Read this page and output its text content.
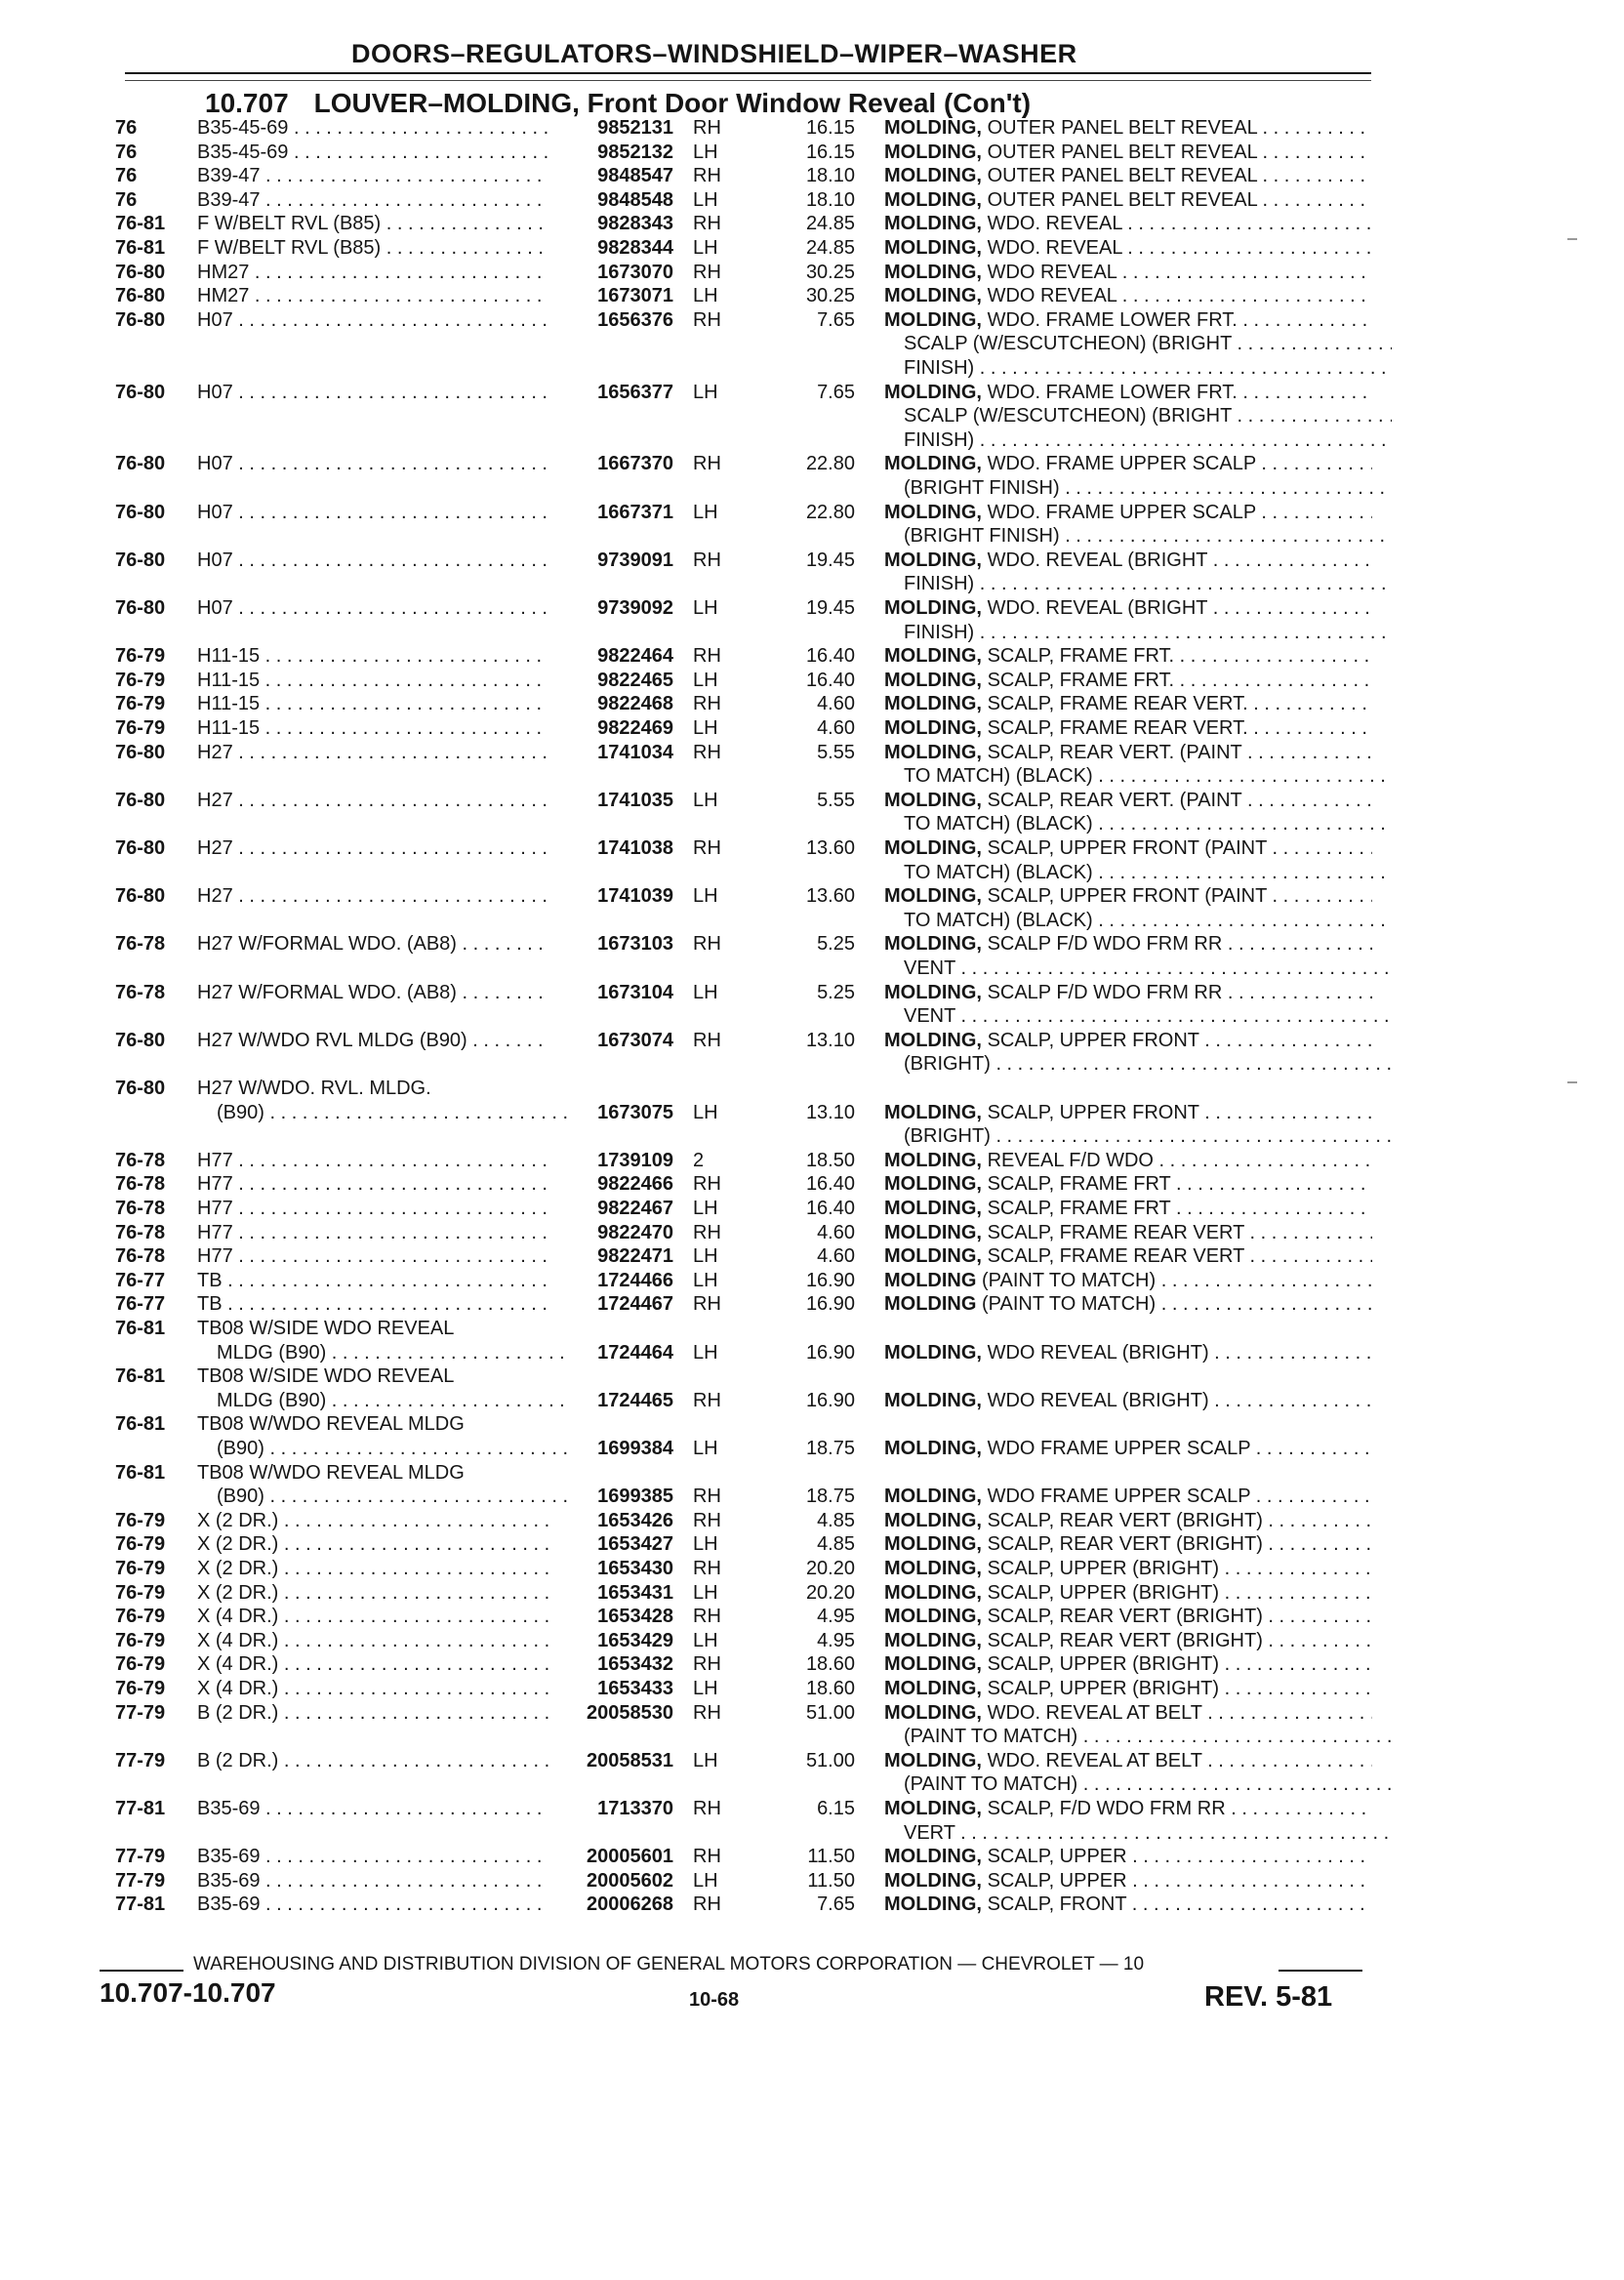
DOORS–REGULATORS–WINDSHIELD–WIPER–WASHER
10.707 LOUVER–MOLDING, Front Door Window Reveal (Con't)
76	B35-45-69 . . .	9852131 RH	16.15 MOLDING, OUTER PANEL BELT REVEAL . . . .
76	B35-45-69 . . .	9852132 LH	16.15 MOLDING, OUTER PANEL BELT REVEAL . . . .
76	B39-47 . . .	9848547 RH	18.10 MOLDING, OUTER PANEL BELT REVEAL . . . .
76	B39-47 . . .	9848548 LH	18.10 MOLDING, OUTER PANEL BELT REVEAL . . . .
76-81	F W/BELT RVL (B85) . . .	9828343 RH	24.85 MOLDING, WDO. REVEAL . . .
76-81	F W/BELT RVL (B85) . . .	9828344 LH	24.85 MOLDING, WDO. REVEAL . . .
76-80	HM27 . . .	1673070 RH	30.25 MOLDING, WDO REVEAL . . .
76-80	HM27 . . .	1673071 LH	30.25 MOLDING, WDO REVEAL . . .
76-80	H07 . . .	1656376 RH	7.65 MOLDING, WDO. FRAME LOWER FRT. . . .
SCALP (W/ESCUTCHEON) (BRIGHT . . .
FINISH) . . .
76-80	H07 . . .	1656377 LH	7.65 MOLDING, WDO. FRAME LOWER FRT. . . .
SCALP (W/ESCUTCHEON) (BRIGHT . . .
FINISH) . . .
76-80	H07 . . .	1667370 RH	22.80 MOLDING, WDO. FRAME UPPER SCALP . . .
(BRIGHT FINISH) . . .
76-80	H07 . . .	1667371 LH	22.80 MOLDING, WDO. FRAME UPPER SCALP . . .
(BRIGHT FINISH) . . .
76-80	H07 . . .	9739091 RH	19.45 MOLDING, WDO. REVEAL (BRIGHT . . .
FINISH) . . .
76-80	H07 . . .	9739092 LH	19.45 MOLDING, WDO. REVEAL (BRIGHT . . .
FINISH) . . .
76-79	H11-15 . . .	9822464 RH	16.40 MOLDING, SCALP, FRAME FRT. . . .
76-79	H11-15 . . .	9822465 LH	16.40 MOLDING, SCALP, FRAME FRT. . . .
76-79	H11-15 . . .	9822468 RH	4.60 MOLDING, SCALP, FRAME REAR VERT. . . .
76-79	H11-15 . . .	9822469 LH	4.60 MOLDING, SCALP, FRAME REAR VERT. . . .
76-80	H27 . . .	1741034 RH	5.55 MOLDING, SCALP, REAR VERT. (PAINT . . .
TO MATCH) (BLACK) . . .
76-80	H27 . . .	1741035 LH	5.55 MOLDING, SCALP, REAR VERT. (PAINT . . .
TO MATCH) (BLACK) . . .
76-80	H27 . . .	1741038 RH	13.60 MOLDING, SCALP, UPPER FRONT (PAINT . . .
TO MATCH) (BLACK) . . .
76-80	H27 . . .	1741039 LH	13.60 MOLDING, SCALP, UPPER FRONT (PAINT . . .
TO MATCH) (BLACK) . . .
76-78	H27 W/FORMAL WDO. (AB8) . . . .	1673103 RH	5.25 MOLDING, SCALP F/D WDO FRM RR . . .
VENT . . .
76-78	H27 W/FORMAL WDO. (AB8) . . . .	1673104 LH	5.25 MOLDING, SCALP F/D WDO FRM RR . . .
VENT . . .
76-80	H27 W/WDO RVL MLDG (B90) . . .	1673074 RH	13.10 MOLDING, SCALP, UPPER FRONT . . .
(BRIGHT) . . .
76-80	H27 W/WDO. RVL. MLDG.
(B90) . . .	1673075 LH	13.10 MOLDING, SCALP, UPPER FRONT . . .
(BRIGHT) . . .
76-78	H77 . . .	1739109 2	18.50 MOLDING, REVEAL F/D WDO . . .
76-78	H77 . . .	9822466 RH	16.40 MOLDING, SCALP, FRAME FRT . . .
76-78	H77 . . .	9822467 LH	16.40 MOLDING, SCALP, FRAME FRT . . .
76-78	H77 . . .	9822470 RH	4.60 MOLDING, SCALP, FRAME REAR VERT . . .
76-78	H77 . . .	9822471 LH	4.60 MOLDING, SCALP, FRAME REAR VERT . . .
76-77	TB . . .	1724466 LH	16.90 MOLDING (PAINT TO MATCH) . . .
76-77	TB . . .	1724467 RH	16.90 MOLDING (PAINT TO MATCH) . . .
76-81	TB08 W/SIDE WDO REVEAL
MLDG (B90) . . .	1724464 LH	16.90 MOLDING, WDO REVEAL (BRIGHT) . . .
76-81	TB08 W/SIDE WDO REVEAL
MLDG (B90) . . .	1724465 RH	16.90 MOLDING, WDO REVEAL (BRIGHT) . . .
76-81	TB08 W/WDO REVEAL MLDG
(B90) . . .	1699384 LH	18.75 MOLDING, WDO FRAME UPPER SCALP . . .
76-81	TB08 W/WDO REVEAL MLDG
(B90) . . .	1699385 RH	18.75 MOLDING, WDO FRAME UPPER SCALP . . .
76-79	X (2 DR.) . . .	1653426 RH	4.85 MOLDING, SCALP, REAR VERT (BRIGHT) . . . .
76-79	X (2 DR.) . . .	1653427 LH	4.85 MOLDING, SCALP, REAR VERT (BRIGHT) . . . .
76-79	X (2 DR.) . . .	1653430 RH	20.20 MOLDING, SCALP, UPPER (BRIGHT) . . .
76-79	X (2 DR.) . . .	1653431 LH	20.20 MOLDING, SCALP, UPPER (BRIGHT) . . .
76-79	X (4 DR.) . . .	1653428 RH	4.95 MOLDING, SCALP, REAR VERT (BRIGHT) . . . .
76-79	X (4 DR.) . . .	1653429 LH	4.95 MOLDING, SCALP, REAR VERT (BRIGHT) . . . .
76-79	X (4 DR.) . . .	1653432 RH	18.60 MOLDING, SCALP, UPPER (BRIGHT) . . .
76-79	X (4 DR.) . . .	1653433 LH	18.60 MOLDING, SCALP, UPPER (BRIGHT) . . .
77-79	B (2 DR.) . . .	20058530 RH	51.00 MOLDING, WDO. REVEAL AT BELT . . .
(PAINT TO MATCH) . . .
77-79	B (2 DR.) . . .	20058531 LH	51.00 MOLDING, WDO. REVEAL AT BELT . . .
(PAINT TO MATCH) . . .
77-81	B35-69 . . .	1713370 RH	6.15 MOLDING, SCALP, F/D WDO FRM RR . . .
VERT . . .
77-79	B35-69 . . .	20005601 RH	11.50 MOLDING, SCALP, UPPER . . .
77-79	B35-69 . . .	20005602 LH	11.50 MOLDING, SCALP, UPPER . . .
77-81	B35-69 . . .	20006268 RH	7.65 MOLDING, SCALP, FRONT . . .
WAREHOUSING AND DISTRIBUTION DIVISION OF GENERAL MOTORS CORPORATION — CHEVROLET — 10
10.707-10.707	10-68	REV. 5-81
